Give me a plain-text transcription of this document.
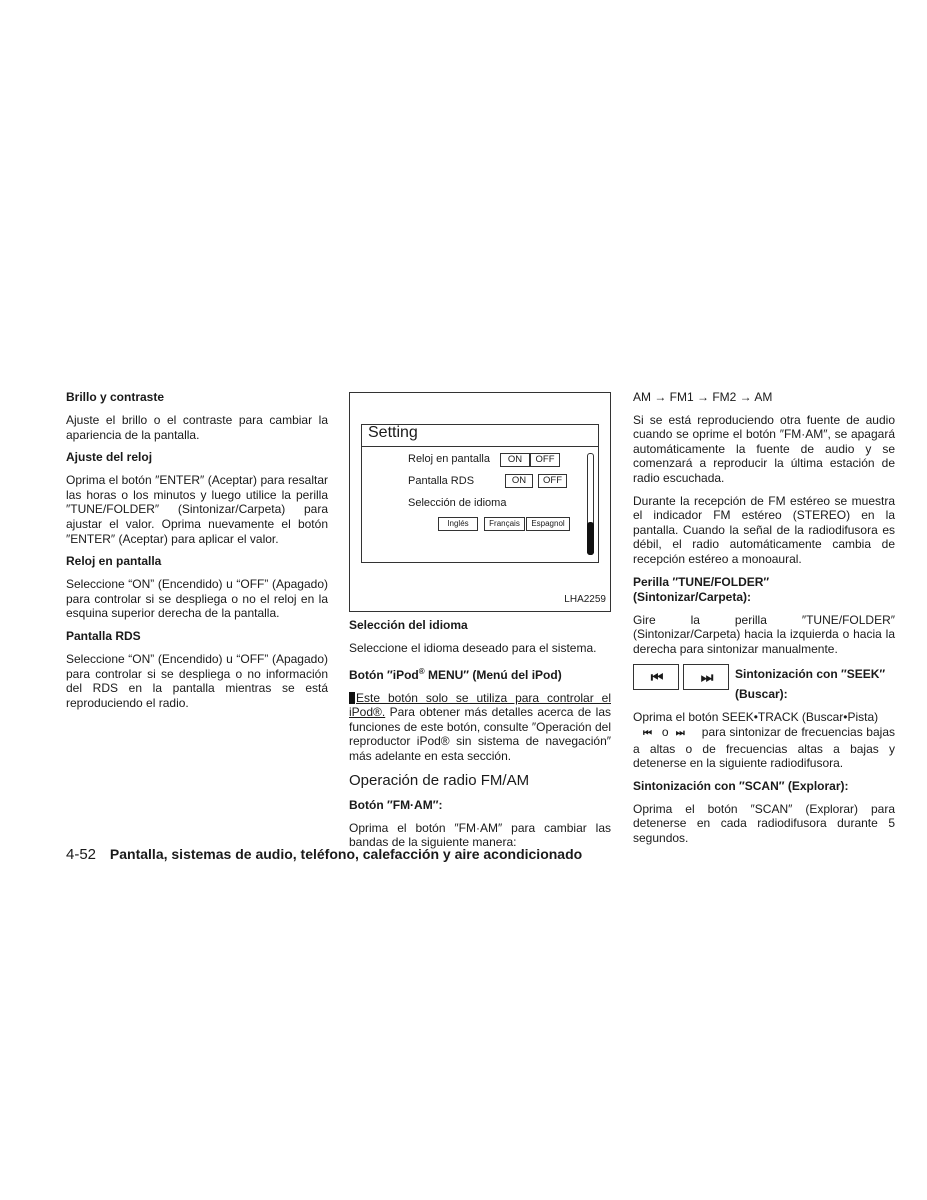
Brillo y contraste

Ajuste el brillo o el contraste para cambiar la apariencia de la pantalla.

Ajuste del reloj

Oprima el botón ″ENTER″ (Aceptar) para resaltar las horas o los minutos y luego utilice la perilla ″TUNE/FOLDER″ (Sintonizar/Carpeta) para ajustar el valor. Oprima nuevamente el botón ″ENTER″ (Aceptar) para aplicar el valor.

Reloj en pantalla

Seleccione “ON” (Encendido) u “OFF” (Apagado) para controlar si se despliega o no el reloj en la esquina superior derecha de la pantalla.

Pantalla RDS

Seleccione “ON” (Encendido) u “OFF” (Apagado) para controlar si se despliega o no información del RDS en la pantalla mientras se está reproduciendo el radio.

Setting
Reloj en pantalla	ON	OFF
Pantalla RDS	ON	OFF
Selección de idioma
Inglés	Français	Espagnol
LHA2259
Selección del idioma

Seleccione el idioma deseado para el sistema.

Botón ″iPod® MENU″ (Menú del iPod)

Este botón solo se utiliza para controlar el iPod®. Para obtener más detalles acerca de las funciones de este botón, consulte ″Operación del reproductor iPod® sin sistema de navegación″ más adelante en esta sección.

Operación de radio FM/AM
Botón ″FM·AM″:

Oprima el botón ″FM·AM″ para cambiar las bandas de la siguiente manera:

AM → FM1 → FM2 → AM

Si se está reproduciendo otra fuente de audio cuando se oprime el botón ″FM·AM″, se apagará automáticamente la fuente de audio y se comenzará a reproducir la última estación de radio escuchada.

Durante la recepción de FM estéreo se muestra el indicador FM estéreo (STEREO) en la pantalla. Cuando la señal de la radiodifusora es débil, el radio automáticamente cambia de recepción estéreo a monoaural.

Perilla ″TUNE/FOLDER″
(Sintonizar/Carpeta):

Gire la perilla ″TUNE/FOLDER″ (Sintonizar/Carpeta) hacia la izquierda o hacia la derecha para sintonizar manualmente.

⏮	⏭	Sintonización con ″SEEK″
(Buscar):

Oprima el botón SEEK•TRACK (Buscar•Pista)
⏮ o ⏭ para sintonizar de frecuencias bajas a altas o de frecuencias altas a bajas y detenerse en la siguiente radiodifusora.

Sintonización con ″SCAN″ (Explorar):

Oprima el botón ″SCAN″ (Explorar) para detenerse en cada radiodifusora durante 5 segundos.

4-52 Pantalla, sistemas de audio, teléfono, calefacción y aire acondicionado
